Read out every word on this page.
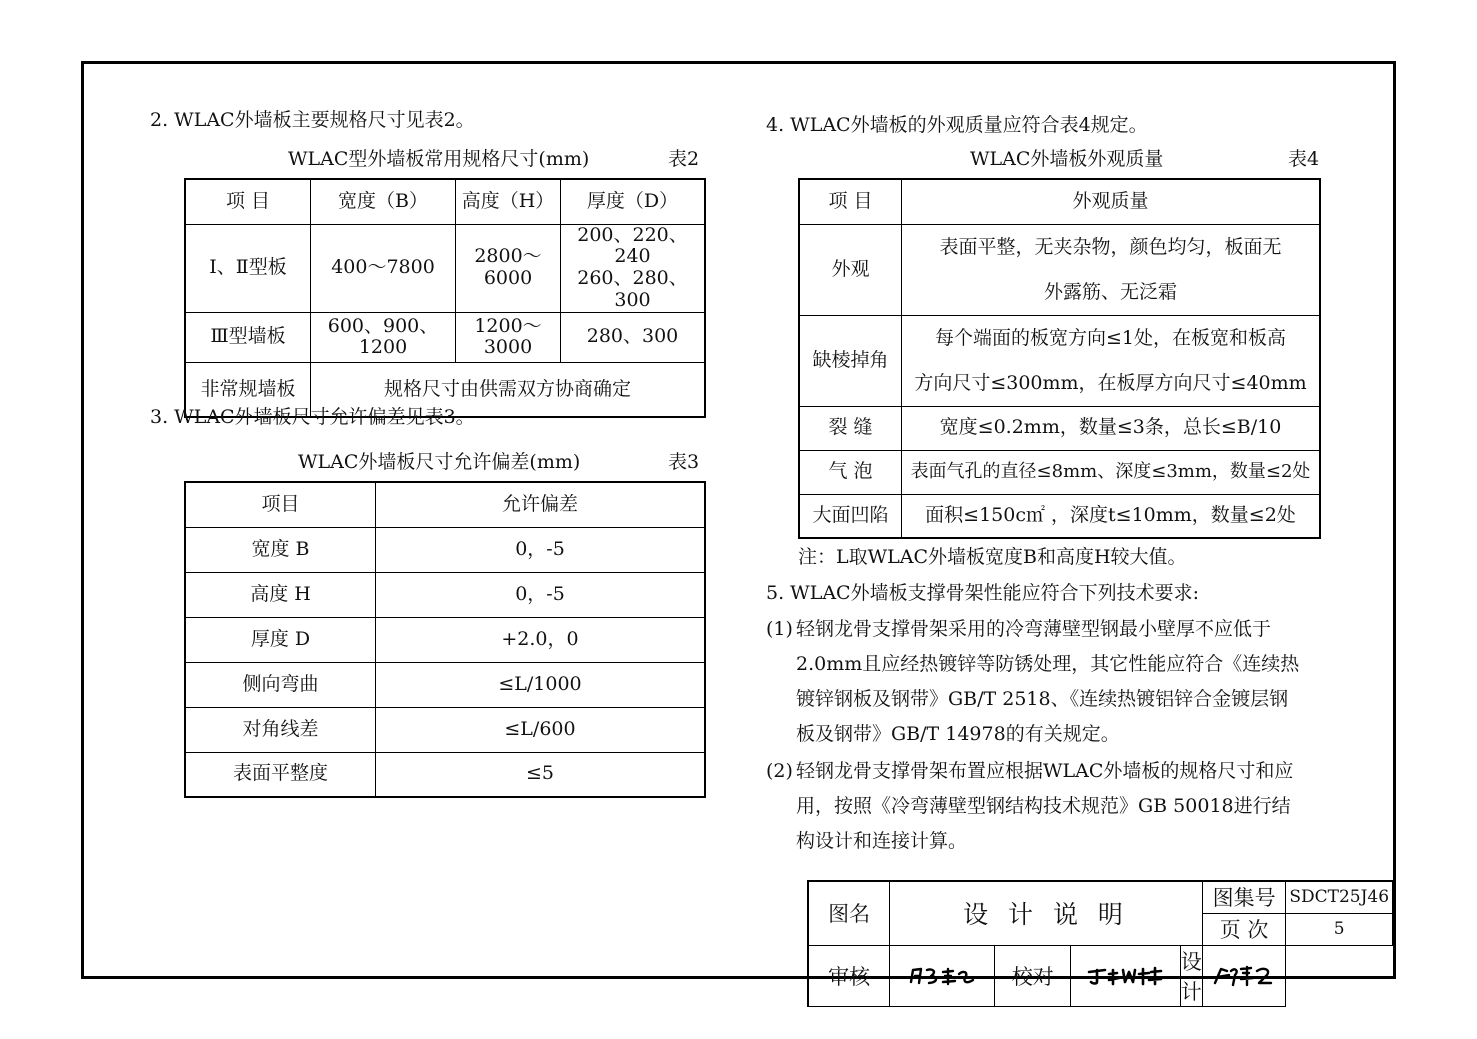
2. WLAC外墙板主要规格尺寸见表2。
WLAC型外墙板常用规格尺寸(mm)	表2
项 目	宽度（B）	高度（H）	厚度（D）
Ⅰ、Ⅱ型板	400～7800	2800～6000	200、220、240
260、280、300
Ⅲ型墙板	600、900、1200	1200～3000	280、300
非常规墙板	规格尺寸由供需双方协商确定		
3. WLAC外墙板尺寸允许偏差见表3。
WLAC外墙板尺寸允许偏差(mm)	表3
项目	允许偏差
宽度 B	0，-5
高度 H	0，-5
厚度 D	+2.0，0
侧向弯曲	≤L/1000
对角线差	≤L/600
表面平整度	≤5
4. WLAC外墙板的外观质量应符合表4规定。
WLAC外墙板外观质量	表4
项 目	外观质量
外观	表面平整，无夹杂物，颜色均匀，板面无
外露筋、无泛霜
缺棱掉角	每个端面的板宽方向≤1处，在板宽和板高
方向尺寸≤300mm，在板厚方向尺寸≤40mm
裂 缝	宽度≤0.2mm，数量≤3条，总长≤B/10
气 泡	表面气孔的直径≤8mm、深度≤3mm，数量≤2处
大面凹陷	面积≤150c㎡ ，深度t≤10mm，数量≤2处
注：L取WLAC外墙板宽度B和高度H较大值。
5. WLAC外墙板支撑骨架性能应符合下列技术要求:
(1) 轻钢龙骨支撑骨架采用的冷弯薄壁型钢最小壁厚不应低于
2.0mm且应经热镀锌等防锈处理，其它性能应符合《连续热
镀锌钢板及钢带》GB/T 2518、《连续热镀铝锌合金镀层钢
板及钢带》GB/T 14978的有关规定。
(2) 轻钢龙骨支撑骨架布置应根据WLAC外墙板的规格尺寸和应
用，按照《冷弯薄壁型钢结构技术规范》GB 50018进行结
构设计和连接计算。
图名	设 计 说 明				图集号	SDCT25J46
					页 次	5
审核		校对		设 计	
